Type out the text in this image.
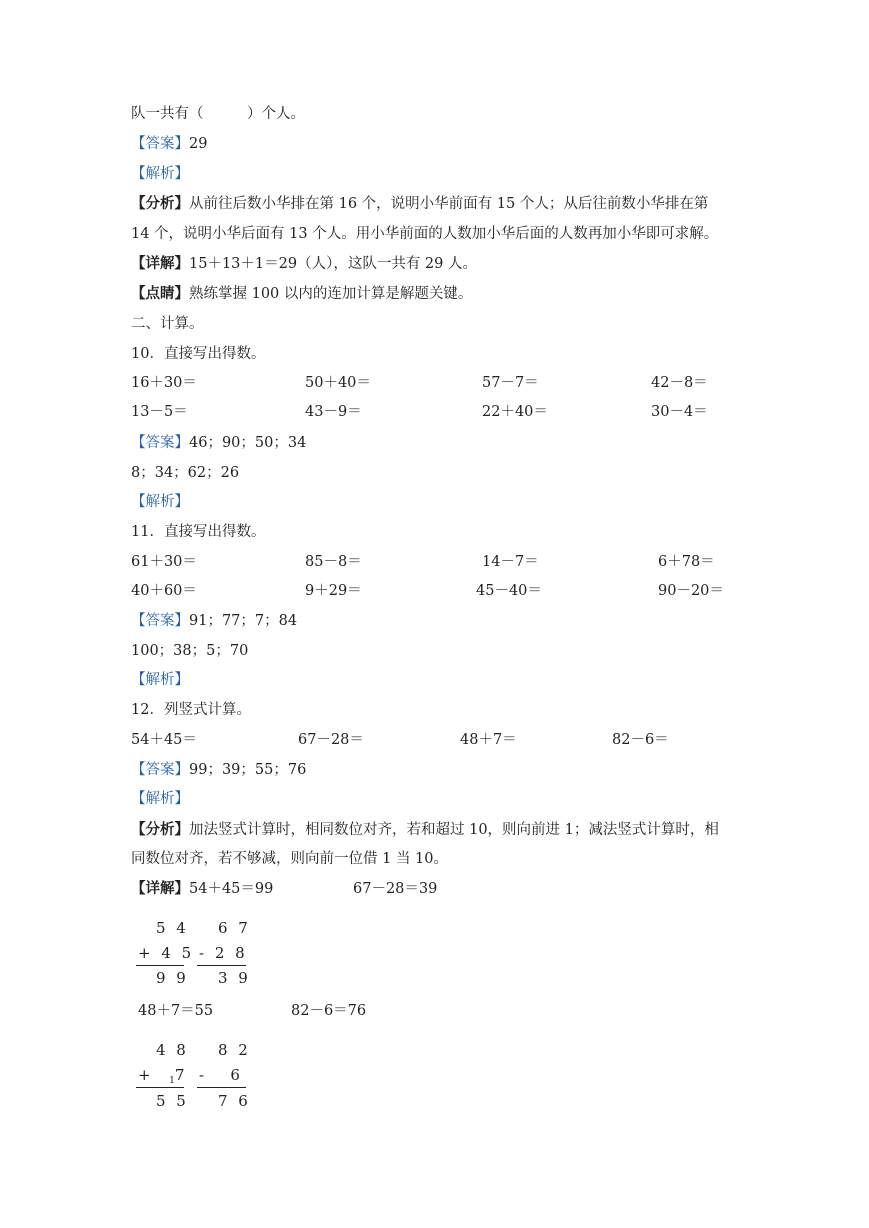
队一共有（　　　）个人。
【答案】29
【解析】
【分析】从前往后数小华排在第 16 个，说明小华前面有 15 个人；从后往前数小华排在第
14 个，说明小华后面有 13 个人。用小华前面的人数加小华后面的人数再加小华即可求解。
【详解】15＋13＋1＝29（人），这队一共有 29 人。
【点睛】熟练掌握 100 以内的连加计算是解题关键。
二、计算。
10．直接写出得数。
16＋30＝	50＋40＝	57－7＝	42－8＝
13－5＝	43－9＝	22＋40＝	30－4＝
【答案】46；90；50；34
8；34；62；26
【解析】
11．直接写出得数。
61＋30＝	85－8＝	14－7＝	6＋78＝
40＋60＝	9＋29＝	45－40＝	90－20＝
【答案】91；77；7；84
100；38；5；70
【解析】
12．列竖式计算。
54＋45＝	67－28＝	48＋7＝	82－6＝
【答案】99；39；55；76
【解析】
【分析】加法竖式计算时，相同数位对齐，若和超过 10，则向前进 1；减法竖式计算时，相
同数位对齐，若不够减，则向前一位借 1 当 10。
【详解】54＋45＝99	67－28＝39
5 4
+ 4 5
9 9
6 7
- 2 8
3 9
48＋7＝55	82－6＝76
4 8
+ $_1$7
5 5
8 2
-   6
7 6
